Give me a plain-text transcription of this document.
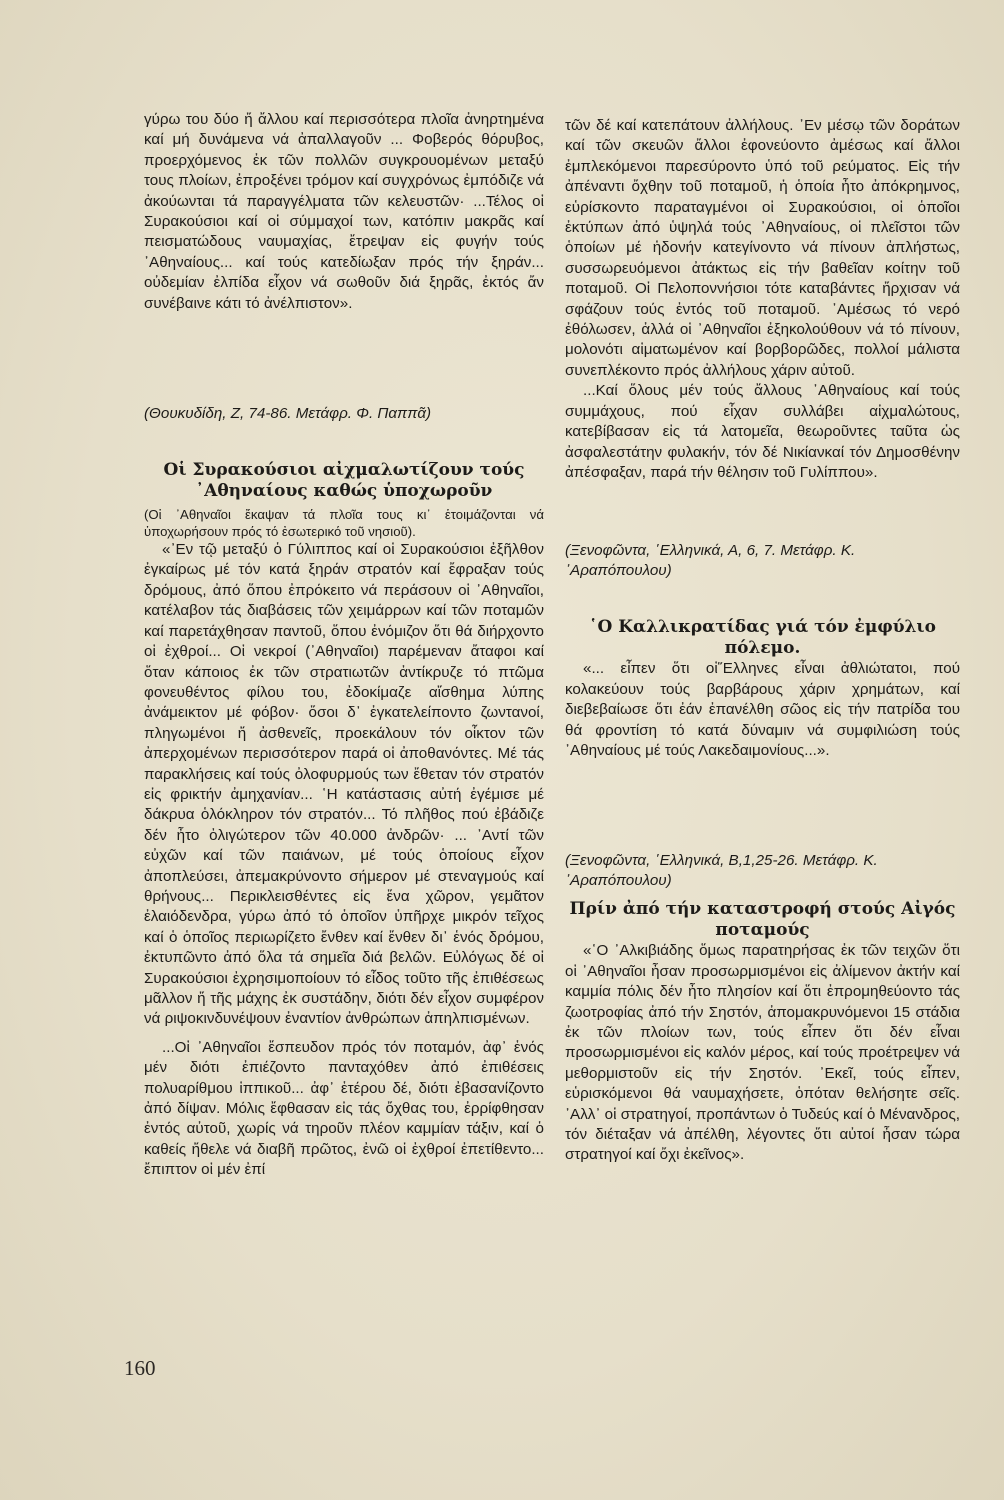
γύρω του δύο ἤ ἄλλου καί περισσότερα πλοῖα ἀνηρτημένα καί μή δυνάμενα νά ἀπαλλαγοῦν ... Φοβερός θόρυβος, προερχόμενος ἐκ τῶν πολλῶν συγκρουομένων μεταξύ τους πλοίων, ἐπροξένει τρόμον καί συγχρόνως ἐμπόδιζε νά ἀκούωνται τά παραγγέλματα τῶν κελευστῶν· ...Τέλος οἱ Συρακούσιοι καί οἱ σύμμαχοί των, κατόπιν μακρᾶς καί πεισματώδους ναυμαχίας, ἔτρεψαν εἰς φυγήν τούς ᾿Αθηναίους... καί τούς κατεδίωξαν πρός τήν ξηράν... οὐδεμίαν ἐλπίδα εἶχον νά σωθοῦν διά ξηρᾶς, ἐκτός ἄν συνέβαινε κάτι τό ἀνέλπιστον».

(Θουκυδίδη, Ζ, 74-86. Μετάφρ. Φ. Παππᾶ)

Οἱ Συρακούσιοι αἰχμαλωτίζουν τούς ᾿Αθηναίους καθώς ὑποχωροῦν

(Οἱ ᾿Αθηναῖοι ἔκαψαν τά πλοῖα τους κι᾿ ἑτοιμάζονται νά ὑποχωρήσουν πρός τό ἐσωτερικό τοῦ νησιοῦ).

«᾿Εν τῷ μεταξύ ὁ Γύλιππος καί οἱ Συρακούσιοι ἐξῆλθον ἐγκαίρως μέ τόν κατά ξηράν στρατόν καί ἔφραξαν τούς δρόμους, ἀπό ὅπου ἐπρόκειτο νά περάσουν οἱ ᾿Αθηναῖοι, κατέλαβον τάς διαβάσεις τῶν χειμάρρων καί τῶν ποταμῶν καί παρετάχθησαν παντοῦ, ὅπου ἐνόμιζον ὅτι θά διήρχοντο οἱ ἐχθροί... Οἱ νεκροί (᾿Αθηναῖοι) παρέμεναν ἄταφοι καί ὅταν κάποιος ἐκ τῶν στρατιωτῶν ἀντίκρυζε τό πτῶμα φονευθέντος φίλου του, ἐδοκίμαζε αἴσθημα λύπης ἀνάμεικτον μέ φόβον· ὅσοι δ᾿ ἐγκατελείποντο ζωντανοί, πληγωμένοι ἤ ἀσθενεῖς, προεκάλουν τόν οἶκτον τῶν ἀπερχομένων περισσότερον παρά οἱ ἀποθανόντες. Μέ τάς παρακλήσεις καί τούς ὀλοφυρμούς των ἔθεταν τόν στρατόν εἰς φρικτήν ἀμηχανίαν... ῾Η κατάστασις αὐτή ἐγέμισε μέ δάκρυα ὁλόκληρον τόν στρατόν... Τό πλῆθος πού ἐβάδιζε δέν ἦτο ὀλιγώτερον τῶν 40.000 ἀνδρῶν· ... ᾿Αντί τῶν εὐχῶν καί τῶν παιάνων, μέ τούς ὁποίους εἶχον ἀποπλεύσει, ἀπεμακρύνοντο σήμερον μέ στεναγμούς καί θρήνους... Περικλεισθέντες εἰς ἕνα χῶρον, γεμᾶτον ἐλαιόδενδρα, γύρω ἀπό τό ὁποῖον ὑπῆρχε μικρόν τεῖχος καί ὁ ὁποῖος περιωρίζετο ἔνθεν καί ἔνθεν δι᾿ ἑνός δρόμου, ἐκτυπῶντο ἀπό ὅλα τά σημεῖα διά βελῶν. Εὐλόγως δέ οἱ Συρακούσιοι ἐχρησιμοποίουν τό εἶδος τοῦτο τῆς ἐπιθέσεως μᾶλλον ἤ τῆς μάχης ἐκ συστάδην, διότι δέν εἶχον συμφέρον νά ριψοκινδυνέψουν ἐναντίον ἀνθρώπων ἀπηλπισμένων.

...Οἱ ᾿Αθηναῖοι ἔσπευδον πρός τόν ποταμόν, ἀφ᾿ ἑνός μέν διότι ἐπιέζοντο πανταχόθεν ἀπό ἐπιθέσεις πολυαρίθμου ἱππικοῦ... ἀφ᾿ ἑτέρου δέ, διότι ἐβασανίζοντο ἀπό δίψαν. Μόλις ἔφθασαν εἰς τάς ὄχθας του, ἐρρίφθησαν ἐντός αὐτοῦ, χωρίς νά τηροῦν πλέον καμμίαν τάξιν, καί ὁ καθείς ἤθελε νά διαβῆ πρῶτος, ἐνῶ οἱ ἐχθροί ἐπετίθεντο... ἔπιπτον οἱ μέν ἐπί

τῶν δέ καί κατεπάτουν ἀλλήλους. ᾿Εν μέσῳ τῶν δοράτων καί τῶν σκευῶν ἄλλοι ἐφονεύοντο ἀμέσως καί ἄλλοι ἐμπλεκόμενοι παρεσύροντο ὑπό τοῦ ρεύματος. Εἰς τήν ἀπέναντι ὄχθην τοῦ ποταμοῦ, ἡ ὁποία ἦτο ἀπόκρημνος, εὑρίσκοντο παραταγμένοι οἱ Συρακούσιοι, οἱ ὁποῖοι ἐκτύπων ἀπό ὑψηλά τούς ᾿Αθηναίους, οἱ πλεῖστοι τῶν ὁποίων μέ ἡδονήν κατεγίνοντο νά πίνουν ἀπλήστως, συσσωρευόμενοι ἀτάκτως εἰς τήν βαθεῖαν κοίτην τοῦ ποταμοῦ. Οἱ Πελοποννήσιοι τότε καταβάντες ἤρχισαν νά σφάζουν τούς ἐντός τοῦ ποταμοῦ. ᾿Αμέσως τό νερό ἐθόλωσεν, ἀλλά οἱ ᾿Αθηναῖοι ἐξηκολούθουν νά τό πίνουν, μολονότι αἱματωμένον καί βορβορῶδες, πολλοί μάλιστα συνεπλέκοντο πρός ἀλλήλους χάριν αὐτοῦ.

...Καί ὅλους μέν τούς ἄλλους ᾿Αθηναίους καί τούς συμμάχους, πού εἶχαν συλλάβει αἰχμαλώτους, κατεβίβασαν εἰς τά λατομεῖα, θεωροῦντες ταῦτα ὡς ἀσφαλεστάτην φυλακήν, τόν δέ Νικίανκαί τόν Δημοσθένην ἀπέσφαξαν, παρά τήν θέλησιν τοῦ Γυλίππου».

(Ξενοφῶντα, ῾Ελληνικά, Α, 6, 7. Μετάφρ. Κ. ᾿Αραπόπουλου)

῾Ο Καλλικρατίδας γιά τόν ἐμφύλιο πόλεμο.

«... εἶπεν ὅτι οἱ῞Ελληνες εἶναι ἀθλιώτατοι, πού κολακεύουν τούς βαρβάρους χάριν χρημάτων, καί διεβεβαίωσε ὅτι ἐάν ἐπανέλθη σῶος εἰς τήν πατρίδα του θά φροντίση τό κατά δύναμιν νά συμφιλιώση τούς ᾿Αθηναίους μέ τούς Λακεδαιμονίους...».

(Ξενοφῶντα, ῾Ελληνικά, Β,1,25-26. Μετάφρ. Κ. ᾿Αραπόπουλου)

Πρίν ἀπό τήν καταστροφή στούς Αἰγός ποταμούς

«῾Ο ᾿Αλκιβιάδης ὅμως παρατηρήσας ἐκ τῶν τειχῶν ὅτι οἱ ᾿Αθηναῖοι ἦσαν προσωρμισμένοι εἰς ἀλίμενον ἀκτήν καί καμμία πόλις δέν ἦτο πλησίον καί ὅτι ἐπρομηθεύοντο τάς ζωοτροφίας ἀπό τήν Σηστόν, ἀπομακρυνόμενοι 15 στάδια ἐκ τῶν πλοίων των, τούς εἶπεν ὅτι δέν εἶναι προσωρμισμένοι εἰς καλόν μέρος, καί τούς προέτρεψεν νά μεθορμιστοῦν εἰς τήν Σηστόν. ᾿Εκεῖ, τούς εἶπεν, εὑρισκόμενοι θά ναυμαχήσετε, ὁπόταν θελήσητε σεῖς. ᾿Αλλ᾿ οἱ στρατηγοί, προπάντων ὁ Τυδεύς καί ὁ Μένανδρος, τόν διέταξαν νά ἀπέλθη, λέγοντες ὅτι αὐτοί ἦσαν τώρα στρατηγοί καί ὄχι ἐκεῖνος».

160
